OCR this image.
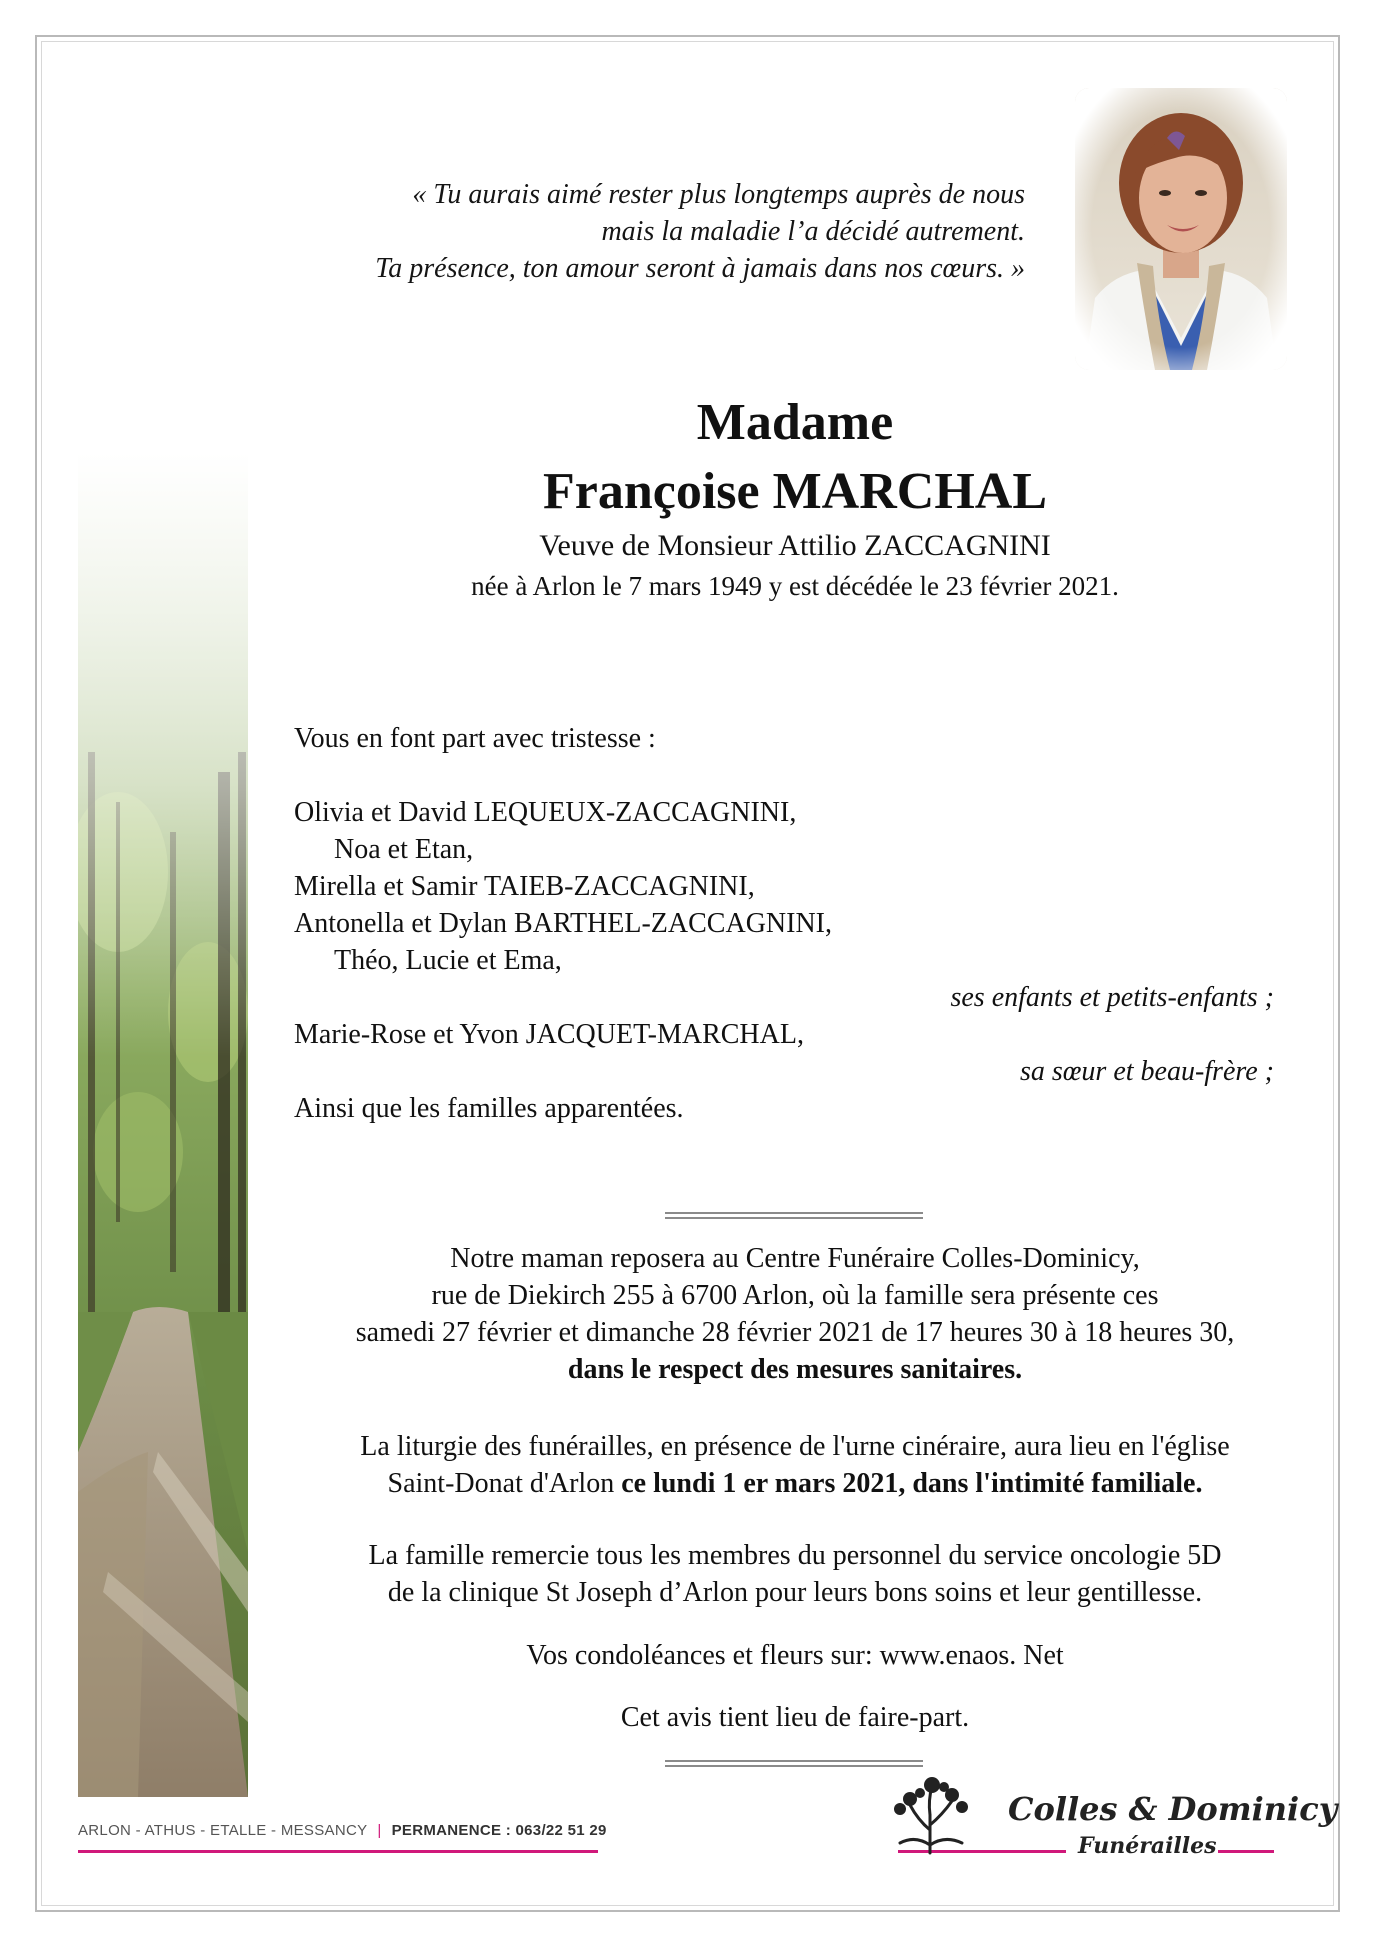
« Tu aurais aimé rester plus longtemps auprès de nous
mais la maladie l’a décidé autrement.
Ta présence, ton amour seront à jamais dans nos cœurs. »
Madame
Françoise MARCHAL
Veuve de Monsieur Attilio ZACCAGNINI
née à Arlon le 7 mars 1949 y est décédée le 23 février 2021.
Vous en font part avec tristesse :
Olivia et David LEQUEUX-ZACCAGNINI,
Noa et Etan,
Mirella et Samir TAIEB-ZACCAGNINI,
Antonella et Dylan BARTHEL-ZACCAGNINI,
Théo, Lucie et Ema,
ses enfants et petits-enfants ;
Marie-Rose et Yvon JACQUET-MARCHAL,
sa sœur et beau-frère ;
Ainsi que les familles apparentées.

Notre maman reposera au Centre Funéraire Colles-Dominicy,

rue de Diekirch 255 à 6700 Arlon, où la famille sera présente ces

samedi 27 février et dimanche 28 février 2021 de 17 heures 30 à 18 heures 30,

dans le respect des mesures sanitaires.

La liturgie des funérailles, en présence de l'urne cinéraire, aura lieu en l'église

Saint-Donat d'Arlon ce lundi 1 er mars 2021, dans l'intimité familiale.

La famille remercie tous les membres du personnel du service oncologie 5D

de la clinique St Joseph d’Arlon pour leurs bons soins et leur gentillesse.

Vos condoléances et fleurs sur: www.enaos. Net

Cet avis tient lieu de faire-part.

ARLON - ATHUS - ETALLE - MESSANCY | PERMANENCE : 063/22 51 29
Colles & Dominicy
Funérailles
